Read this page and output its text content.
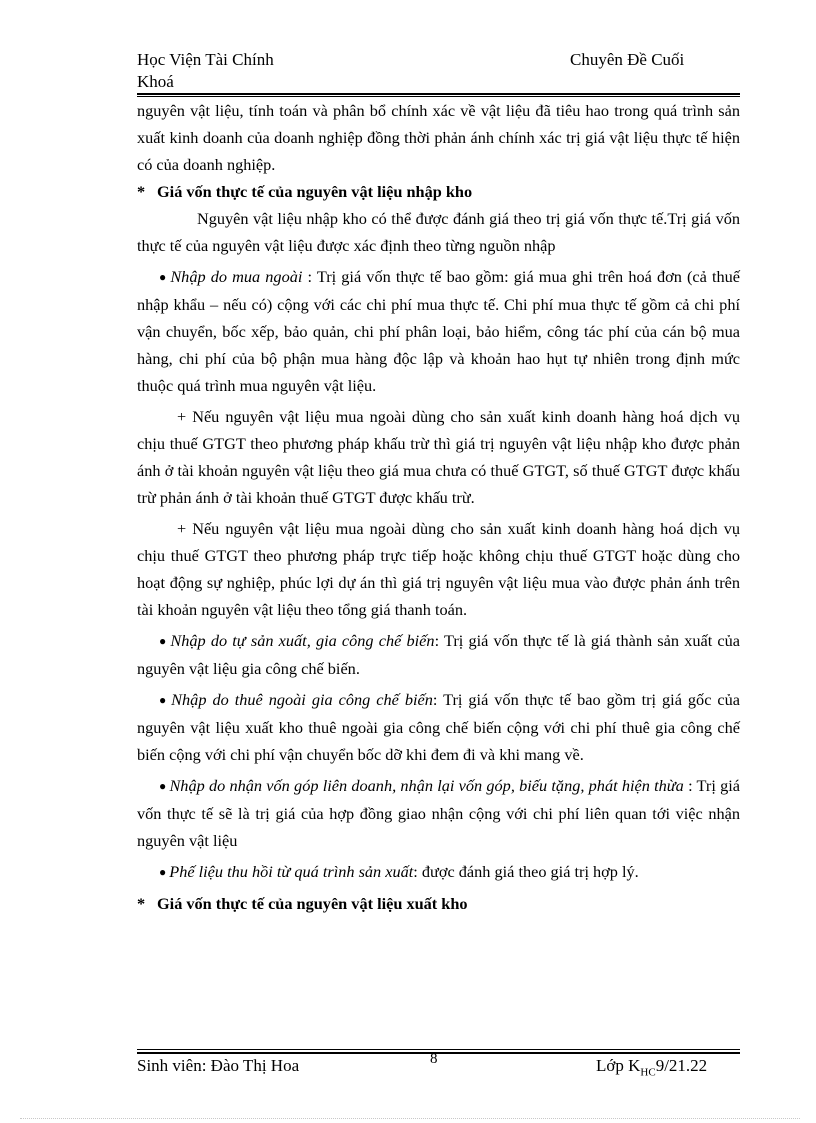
Học Viện Tài Chính
Khoá
Chuyên Đề Cuối

nguyên vật liệu, tính toán và phân bổ chính xác về vật liệu đã tiêu hao trong quá trình sản xuất kinh doanh của doanh nghiệp đồng thời phản ánh chính xác trị giá vật liệu thực tế hiện có của doanh nghiệp.

* Giá vốn thực tế của nguyên vật liệu nhập kho

Nguyên vật liệu nhập kho có thể được đánh giá theo trị giá vốn thực tế.Trị giá vốn thực tế của nguyên vật liệu được xác định theo từng nguồn nhập

● Nhập do mua ngoài : Trị giá vốn thực tế bao gồm: giá mua ghi trên hoá đơn (cả thuế nhập khẩu – nếu có) cộng với các chi phí mua thực tế. Chi phí mua thực tế gồm cả chi phí vận chuyển, bốc xếp, bảo quản, chi phí phân loại, bảo hiểm, công tác phí của cán bộ mua hàng, chi phí của bộ phận mua hàng độc lập và khoản hao hụt tự nhiên trong định mức thuộc quá trình mua nguyên vật liệu.

+ Nếu nguyên vật liệu mua ngoài dùng cho sản xuất kinh doanh hàng hoá dịch vụ chịu thuế GTGT theo phương pháp khấu trừ thì giá trị nguyên vật liệu nhập kho được phản ánh ở tài khoản nguyên vật liệu theo giá mua chưa có thuế GTGT, số thuế GTGT được khấu trừ phản ánh ở tài khoản thuế GTGT được khấu trừ.

+ Nếu nguyên vật liệu mua ngoài dùng cho sản xuất kinh doanh hàng hoá dịch vụ chịu thuế GTGT theo phương pháp trực tiếp hoặc không chịu thuế GTGT hoặc dùng cho hoạt động sự nghiệp, phúc lợi dự án thì giá trị nguyên vật liệu mua vào được phản ánh trên tài khoản nguyên vật liệu theo tổng giá thanh toán.

● Nhập do tự sản xuất, gia công chế biến: Trị giá vốn thực tế là giá thành sản xuất của nguyên vật liệu gia công chế biến.

● Nhập do thuê ngoài gia công chế biến: Trị giá vốn thực tế bao gồm trị giá gốc của nguyên vật liệu xuất kho thuê ngoài gia công chế biến cộng với chi phí thuê gia công chế biến cộng với chi phí vận chuyển bốc dỡ khi đem đi và khi mang về.

● Nhập do nhận vốn góp liên doanh, nhận lại vốn góp, biếu tặng, phát hiện thừa : Trị giá vốn thực tế sẽ là trị giá của hợp đồng giao nhận cộng với chi phí liên quan tới việc nhận nguyên vật liệu

● Phế liệu thu hồi từ quá trình sản xuất: được đánh giá theo giá trị hợp lý.

* Giá vốn thực tế của nguyên vật liệu xuất kho

Sinh viên: Đào Thị Hoa	8	Lớp $K_{HC}9/21.22$
